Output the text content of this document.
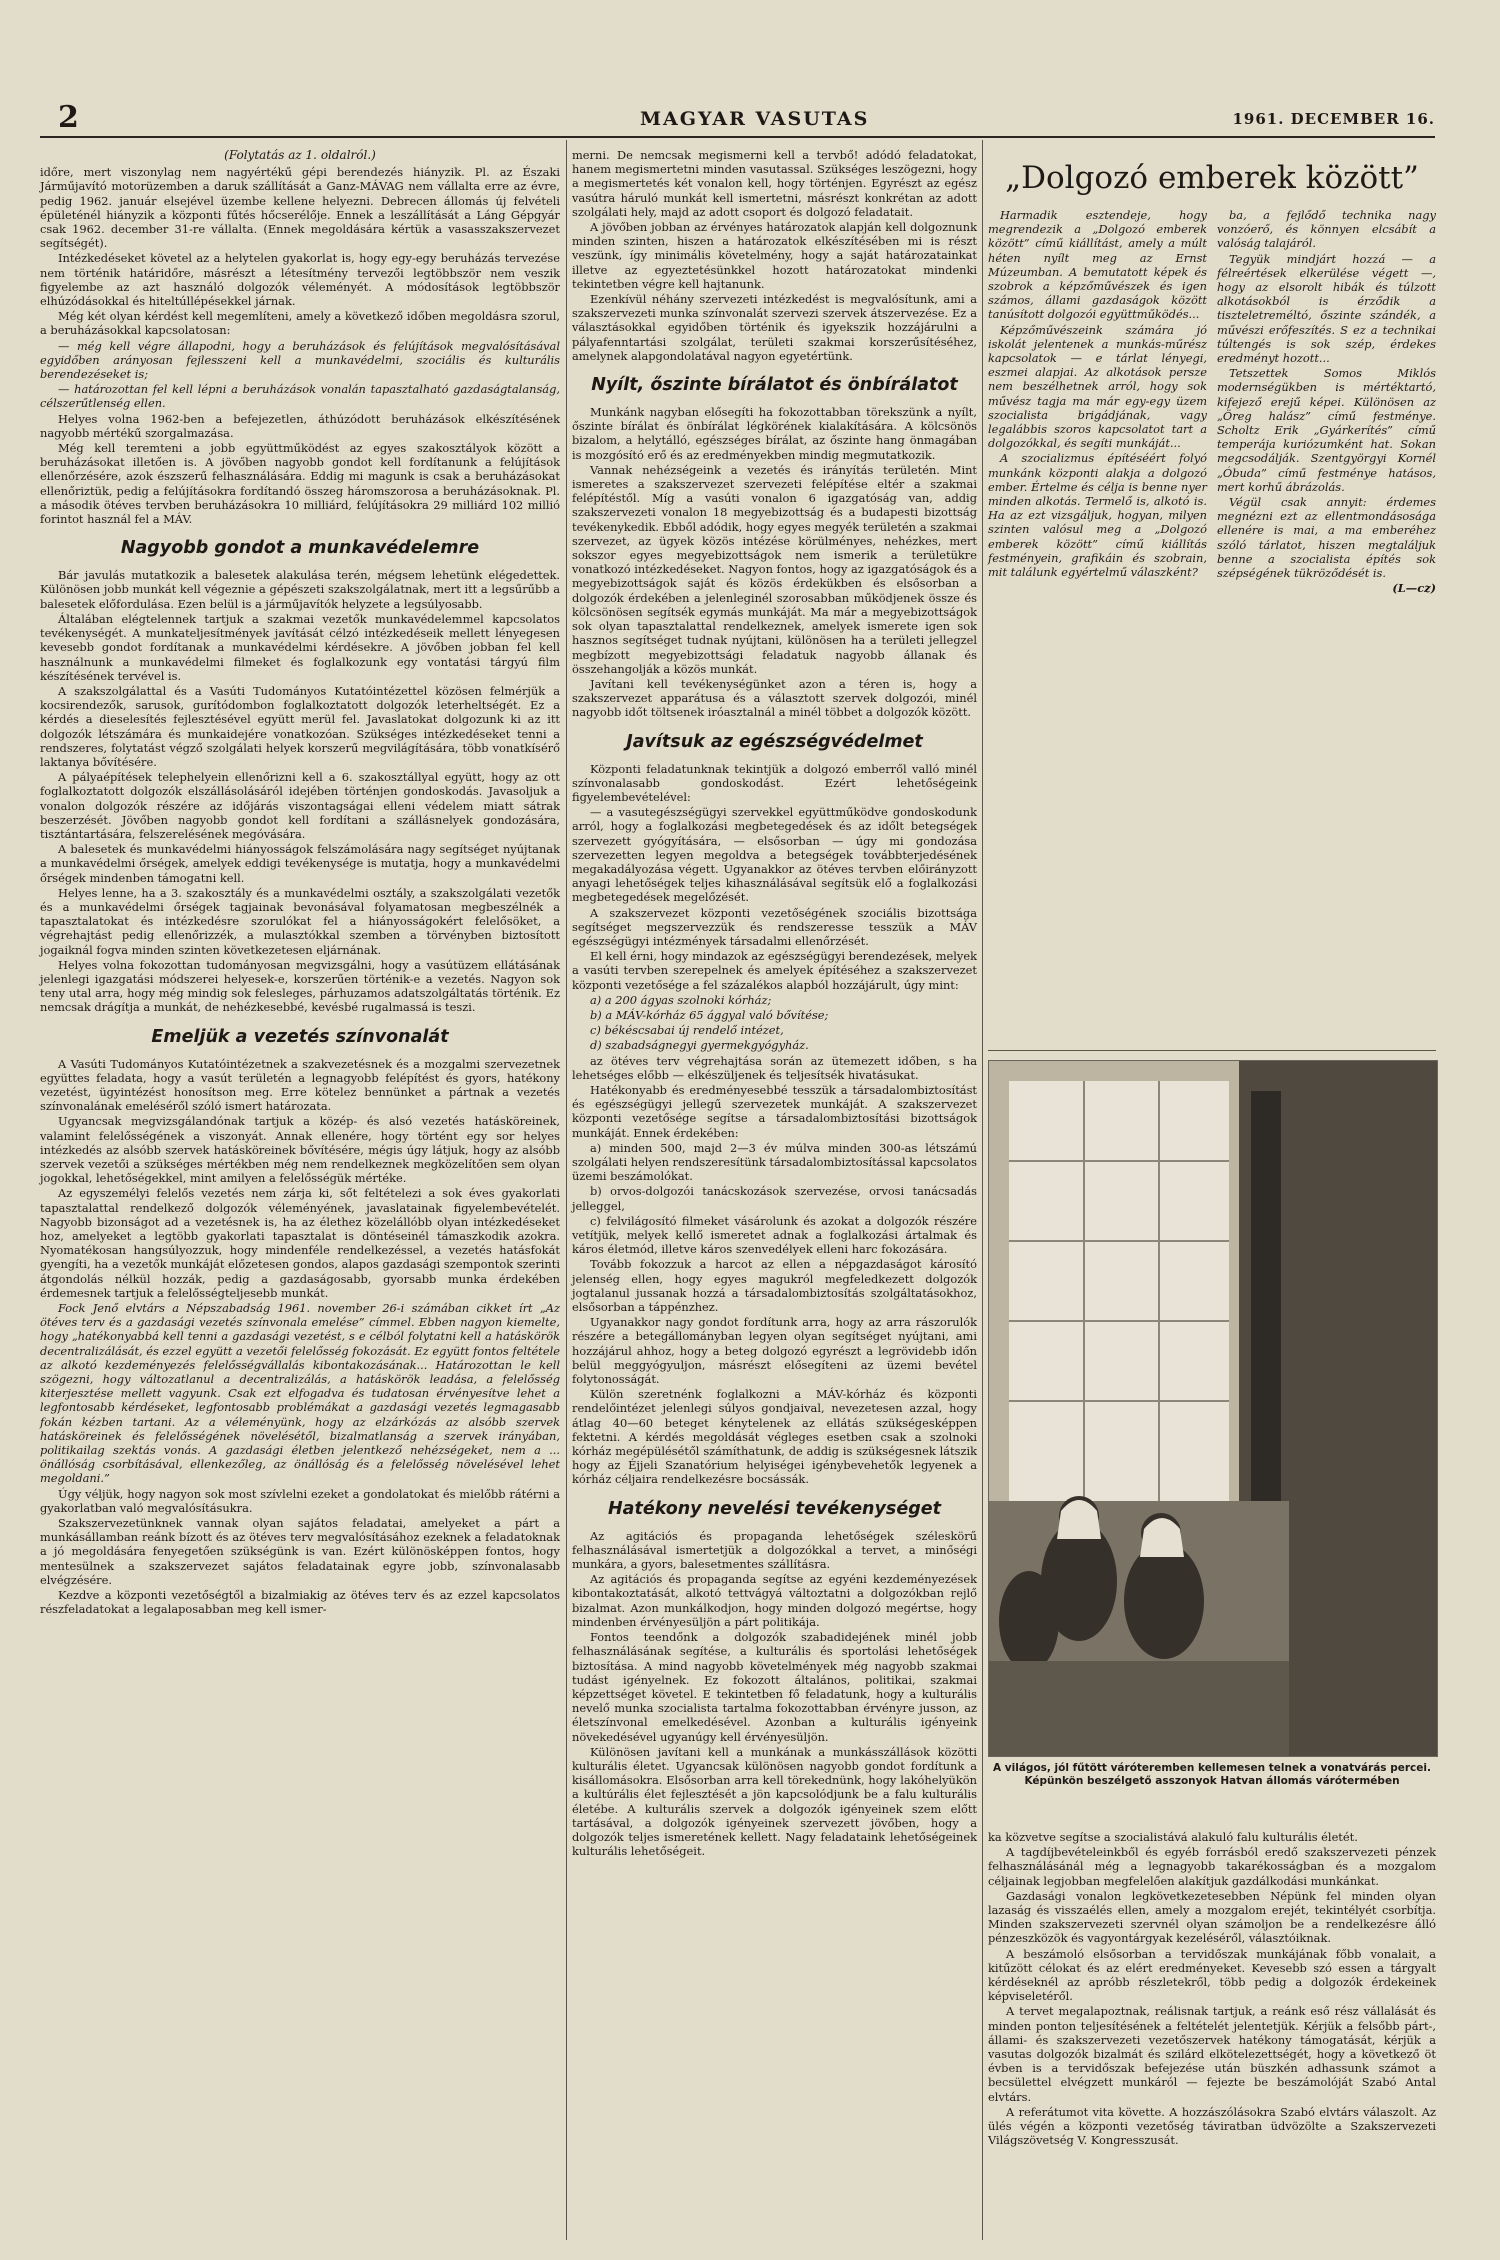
2	MAGYAR VASUTAS	1961. DECEMBER 16.
(Folytatás az 1. oldalról.)

időre, mert viszonylag nem nagyértékű gépi berendezés hiányzik. Pl. az Északi Járműjavító motorüzemben a daruk szállítását a Ganz-MÁVAG nem vállalta erre az évre, pedig 1962. január elsejével üzembe kellene helyezni. Debrecen állomás új felvételi épületénél hiányzik a központi fűtés hőcserélője. Ennek a leszállítását a Láng Gépgyár csak 1962. december 31-re vállalta. (Ennek megoldására kértük a vasasszakszervezet segítségét).

Intézkedéseket követel az a helytelen gyakorlat is, hogy egy-egy beruházás tervezése nem történik határidőre, másrészt a létesítmény tervezői legtöbbször nem veszik figyelembe az azt használó dolgozók véleményét. A módosítások legtöbbször elhúzódásokkal és hiteltúllépésekkel járnak.

Még két olyan kérdést kell megemlíteni, amely a következő időben megoldásra szorul, a beruházásokkal kapcsolatosan:

— még kell végre állapodni, hogy a beruházások és felújítások megvalósításával egyidőben arányosan fejlesszeni kell a munkavédelmi, szociális és kulturális berendezéseket is;

— határozottan fel kell lépni a beruházások vonalán tapasztalható gazdaságtalanság, célszerűtlenség ellen.

Helyes volna 1962-ben a befejezetlen, áthúzódott beruházások elkészítésének nagyobb mértékű szorgalmazása.

Még kell teremteni a jobb együttműködést az egyes szakosztályok között a beruházásokat illetően is. A jövőben nagyobb gondot kell fordítanunk a felújítások ellenőrzésére, azok észszerű felhasználására. Eddig mi magunk is csak a beruházásokat ellenőriztük, pedig a felújításokra fordítandó összeg háromszorosa a beruházásoknak. Pl. a második ötéves tervben beruházásokra 10 milliárd, felújításokra 29 milliárd 102 millió forintot használ fel a MÁV.

Nagyobb gondot a munkavédelemre

Bár javulás mutatkozik a balesetek alakulása terén, mégsem lehetünk elégedettek. Különösen jobb munkát kell végeznie a gépészeti szakszolgálatnak, mert itt a legsűrűbb a balesetek előfordulása. Ezen belül is a járműjavítók helyzete a legsúlyosabb.

Általában elégtelennek tartjuk a szakmai vezetők munkavédelemmel kapcsolatos tevékenységét. A munkateljesítmények javítását célzó intézkedéseik mellett lényegesen kevesebb gondot fordítanak a munkavédelmi kérdésekre. A jövőben jobban fel kell használnunk a munkavédelmi filmeket és foglalkozunk egy vontatási tárgyú film készítésének tervével is.

A szakszolgálattal és a Vasúti Tudományos Kutatóintézettel közösen felmérjük a kocsirendezők, sarusok, gurítódombon foglalkoztatott dolgozók leterheltségét. Ez a kérdés a dieselesítés fejlesztésével együtt merül fel. Javaslatokat dolgozunk ki az itt dolgozók létszámára és munkaidejére vonatkozóan. Szükséges intézkedéseket tenni a rendszeres, folytatást végző szolgálati helyek korszerű megvilágítására, több vonatkísérő laktanya bővítésére.

A pályaépítések telephelyein ellenőrizni kell a 6. szakosztállyal együtt, hogy az ott foglalkoztatott dolgozók elszállásolásáról idejében történjen gondoskodás. Javasoljuk a vonalon dolgozók részére az időjárás viszontagságai elleni védelem miatt sátrak beszerzését. Jövőben nagyobb gondot kell fordítani a szállásnelyek gondozására, tisztántartására, felszerelésének megóvására.

A balesetek és munkavédelmi hiányosságok felszámolására nagy segítséget nyújtanak a munkavédelmi őrségek, amelyek eddigi tevékenysége is mutatja, hogy a munkavédelmi őrségek mindenben támogatni kell.

Helyes lenne, ha a 3. szakosztály és a munkavédelmi osztály, a szakszolgálati vezetők és a munkavédelmi őrségek tagjainak bevonásával folyamatosan megbeszélnék a tapasztalatokat és intézkedésre szorulókat fel a hiányosságokért felelősöket, a végrehajtást pedig ellenőrizzék, a mulasztókkal szemben a törvényben biztosított jogaiknál fogva minden szinten következetesen eljárnának.

Helyes volna fokozottan tudományosan megvizsgálni, hogy a vasútüzem ellátásának jelenlegi igazgatási módszerei helyesek-e, korszerűen történik-e a vezetés. Nagyon sok teny utal arra, hogy még mindig sok felesleges, párhuzamos adatszolgáltatás történik. Ez nemcsak drágítja a munkát, de nehézkesebbé, kevésbé rugalmassá is teszi.

Emeljük a vezetés színvonalát

A Vasúti Tudományos Kutatóintézetnek a szakvezetésnek és a mozgalmi szervezetnek együttes feladata, hogy a vasút területén a legnagyobb felépítést és gyors, hatékony vezetést, ügyintézést honosítson meg. Erre kötelez bennünket a pártnak a vezetés színvonalának emeléséről szóló ismert határozata.

Ugyancsak megvizsgálandónak tartjuk a közép- és alsó vezetés hatásköreinek, valamint felelősségének a viszonyát. Annak ellenére, hogy történt egy sor helyes intézkedés az alsóbb szervek hatásköreinek bővítésére, mégis úgy látjuk, hogy az alsóbb szervek vezetői a szükséges mértékben még nem rendelkeznek megközelítően sem olyan jogokkal, lehetőségekkel, mint amilyen a felelősségük mértéke.

Az egyszemélyi felelős vezetés nem zárja ki, sőt feltételezi a sok éves gyakorlati tapasztalattal rendelkező dolgozók véleményének, javaslatainak figyelembevételét. Nagyobb bizonságot ad a vezetésnek is, ha az élethez közelállóbb olyan intézkedéseket hoz, amelyeket a legtöbb gyakorlati tapasztalat is döntéseinél támaszkodik azokra. Nyomatékosan hangsúlyozzuk, hogy mindenféle rendelkezéssel, a vezetés hatásfokát gyengíti, ha a vezetők munkáját előzetesen gondos, alapos gazdasági szempontok szerinti átgondolás nélkül hozzák, pedig a gazdaságosabb, gyorsabb munka érdekében érdemesnek tartjuk a felelősségteljesebb munkát.

Fock Jenő elvtárs a Népszabadság 1961. november 26-i számában cikket írt „Az ötéves terv és a gazdasági vezetés színvonala emelése” címmel. Ebben nagyon kiemelte, hogy „hatékonyabbá kell tenni a gazdasági vezetést, s e célból folytatni kell a hatáskörök decentralizálását, és ezzel együtt a vezetői felelősség fokozását. Ez együtt fontos feltétele az alkotó kezdeményezés felelősségvállalás kibontakozásának... Határozottan le kell szögezni, hogy változatlanul a decentralizálás, a hatáskörök leadása, a felelősség kiterjesztése mellett vagyunk. Csak ezt elfogadva és tudatosan érvényesítve lehet a legfontosabb kérdéseket, legfontosabb problémákat a gazdasági vezetés legmagasabb fokán kézben tartani. Az a véleményünk, hogy az elzárkózás az alsóbb szervek hatásköreinek és felelősségének növelésétől, bizalmatlanság a szervek irányában, politikailag szektás vonás. A gazdasági életben jelentkező nehézségeket, nem a ... önállóság csorbításával, ellenkezőleg, az önállóság és a felelősség növelésével lehet megoldani.”

Úgy véljük, hogy nagyon sok most szívlelni ezeket a gondolatokat és mielőbb rátérni a gyakorlatban való megvalósításukra.

Szakszervezetünknek vannak olyan sajátos feladatai, amelyeket a párt a munkásállamban reánk bízott és az ötéves terv megvalósításához ezeknek a feladatoknak a jó megoldására fenyegetően szükségünk is van. Ezért különösképpen fontos, hogy mentesülnek a szakszervezet sajátos feladatainak egyre jobb, színvonalasabb elvégzésére.

Kezdve a központi vezetőségtől a bizalmiakig az ötéves terv és az ezzel kapcsolatos részfeladatokat a legalaposabban meg kell ismer-

merni. De nemcsak megismerni kell a tervbő! adódó feladatokat, hanem megismertetni minden vasutassal. Szükséges leszögezni, hogy a megismertetés két vonalon kell, hogy történjen. Egyrészt az egész vasútra háruló munkát kell ismertetni, másrészt konkrétan az adott szolgálati hely, majd az adott csoport és dolgozó feladatait.

A jövőben jobban az érvényes határozatok alapján kell dolgoznunk minden szinten, hiszen a határozatok elkészítésében mi is részt veszünk, így minimális követelmény, hogy a saját határozatainkat illetve az egyeztetésünkkel hozott határozatokat mindenki tekintetben végre kell hajtanunk.

Ezenkívül néhány szervezeti intézkedést is megvalósítunk, ami a szakszervezeti munka színvonalát szervezi szervek átszervezése. Ez a választásokkal egyidőben történik és igyekszik hozzájárulni a pályafenntartási szolgálat, területi szakmai korszerűsítéséhez, amelynek alapgondolatával nagyon egyetértünk.

Nyílt, őszinte bírálatot és önbírálatot

Munkánk nagyban elősegíti ha fokozottabban törekszünk a nyílt, őszinte bírálat és önbírálat légkörének kialakítására. A kölcsönös bizalom, a helytálló, egészséges bírálat, az őszinte hang önmagában is mozgósító erő és az eredményekben mindig megmutatkozik.

Vannak nehézségeink a vezetés és irányítás területén. Mint ismeretes a szakszervezet szervezeti felépítése eltér a szakmai felépítéstől. Míg a vasúti vonalon 6 igazgatóság van, addig szakszervezeti vonalon 18 megyebizottság és a budapesti bizottság tevékenykedik. Ebből adódik, hogy egyes megyék területén a szakmai szervezet, az ügyek közös intézése körülményes, nehézkes, mert sokszor egyes megyebizottságok nem ismerik a területükre vonatkozó intézkedéseket. Nagyon fontos, hogy az igazgatóságok és a megyebizottságok saját és közös érdekükben és elsősorban a dolgozók érdekében a jelenleginél szorosabban működjenek össze és kölcsönösen segítsék egymás munkáját. Ma már a megyebizottságok sok olyan tapasztalattal rendelkeznek, amelyek ismerete igen sok hasznos segítséget tudnak nyújtani, különösen ha a területi jellegzel megbízott megyebizottsági feladatuk nagyobb állanak és összehangolják a közös munkát.

Javítani kell tevékenységünket azon a téren is, hogy a szakszervezet apparátusa és a választott szervek dolgozói, minél nagyobb időt töltsenek iróasztalnál a minél többet a dolgozók között.

Javítsuk az egészségvédelmet

Központi feladatunknak tekintjük a dolgozó emberről valló minél színvonalasabb gondoskodást. Ezért lehetőségeink figyelembevételével:

— a vasutegészségügyi szervekkel együttműködve gondoskodunk arról, hogy a foglalkozási megbetegedések és az időlt betegségek szervezett gyógyítására, — elsősorban — úgy mi gondozása szervezetten legyen megoldva a betegségek továbbterjedésének megakadályozása végett. Ugyanakkor az ötéves tervben előirányzott anyagi lehetőségek teljes kihasználásával segítsük elő a foglalkozási megbetegedések megelőzését.

A szakszervezet központi vezetőségének szociális bizottsága segítséget megszervezzük és rendszeresse tesszük a MÁV egészségügyi intézmények társadalmi ellenőrzését.

El kell érni, hogy mindazok az egészségügyi berendezések, melyek a vasúti tervben szerepelnek és amelyek építéséhez a szakszervezet központi vezetősége a fel százalékos alapból hozzájárult, úgy mint:

a) a 200 ágyas szolnoki kórház;

b) a MÁV-kórház 65 ággyal való bővítése;

c) békéscsabai új rendelő intézet,

d) szabadságnegyi gyermekgyógyház.

az ötéves terv végrehajtása során az ütemezett időben, s ha lehetséges előbb — elkészüljenek és teljesítsék hivatásukat.

Hatékonyabb és eredményesebbé tesszük a társadalombiztosítást és egészségügyi jellegű szervezetek munkáját. A szakszervezet központi vezetősége segítse a társadalombiztosítási bizottságok munkáját. Ennek érdekében:

a) minden 500, majd 2—3 év múlva minden 300-as létszámú szolgálati helyen rendszeresítünk társadalombiztosítással kapcsolatos üzemi beszámolókat.

b) orvos-dolgozói tanácskozások szervezése, orvosi tanácsadás jelleggel,

c) felvilágosító filmeket vásárolunk és azokat a dolgozók részére vetítjük, melyek kellő ismeretet adnak a foglalkozási ártalmak és káros életmód, illetve káros szenvedélyek elleni harc fokozására.

Tovább fokozzuk a harcot az ellen a népgazdaságot károsító jelenség ellen, hogy egyes magukról megfeledkezett dolgozók jogtalanul jussanak hozzá a társadalombiztosítás szolgáltatásokhoz, elsősorban a táppénzhez.

Ugyanakkor nagy gondot fordítunk arra, hogy az arra rászorulók részére a betegállományban legyen olyan segítséget nyújtani, ami hozzájárul ahhoz, hogy a beteg dolgozó egyrészt a legrövidebb időn belül meggyógyuljon, másrészt elősegíteni az üzemi bevétel folytonosságát.

Külön szeretnénk foglalkozni a MÁV-kórház és központi rendelőintézet jelenlegi súlyos gondjaival, nevezetesen azzal, hogy átlag 40—60 beteget kénytelenek az ellátás szükségesképpen fektetni. A kérdés megoldását végleges esetben csak a szolnoki kórház megépülésétől számíthatunk, de addig is szükségesnek látszik hogy az Éjjeli Szanatórium helyiségei igénybevehetők legyenek a kórház céljaira rendelkezésre bocsássák.

Hatékony nevelési tevékenységet

Az agitációs és propaganda lehetőségek széleskörű felhasználásával ismertetjük a dolgozókkal a tervet, a minőségi munkára, a gyors, balesetmentes szállításra.

Az agitációs és propaganda segítse az egyéni kezdeményezések kibontakoztatását, alkotó tettvágyá változtatni a dolgozókban rejlő bizalmat. Azon munkálkodjon, hogy minden dolgozó megértse, hogy mindenben érvényesüljön a párt politikája.

Fontos teendőnk a dolgozók szabadidejének minél jobb felhasználásának segítése, a kulturális és sportolási lehetőségek biztosítása. A mind nagyobb követelmények még nagyobb szakmai tudást igényelnek. Ez fokozott általános, politikai, szakmai képzettséget követel. E tekintetben fő feladatunk, hogy a kulturális nevelő munka szocialista tartalma fokozottabban érvényre jusson, az életszínvonal emelkedésével. Azonban a kulturális igényeink növekedésével ugyanúgy kell érvényesüljön.

Különösen javítani kell a munkának a munkásszállások közötti kulturális életet. Ugyancsak különösen nagyobb gondot fordítunk a kisállomásokra. Elsősorban arra kell törekednünk, hogy lakóhelyükön a kultúrális élet fejlesztését a jön kapcsolódjunk be a falu kulturális életébe. A kulturális szervek a dolgozók igényeinek szem előtt tartásával, a dolgozók igényeinek szervezett jövőben, hogy a dolgozók teljes ismeretének kellett. Nagy feladataink lehetőségeinek kulturális lehetőségeit.

„Dolgozó emberek között”

Harmadik esztendeje, hogy megrendezik a „Dolgozó emberek között” című kiállítást, amely a múlt héten nyílt meg az Ernst Múzeumban. A bemutatott képek és szobrok a képzőművészek és igen számos, állami gazdaságok között tanúsított dolgozói együttműködés...

Képzőművészeink számára jó iskolát jelentenek a munkás-műrész kapcsolatok — e tárlat lényegi, eszmei alapjai. Az alkotások persze nem beszélhetnek arról, hogy sok művész tagja ma már egy-egy üzem szocialista brigádjának, vagy legalábbis szoros kapcsolatot tart a dolgozókkal, és segíti munkáját...

A szocializmus építéséért folyó munkánk központi alakja a dolgozó ember. Értelme és célja is benne nyer minden alkotás. Termelő is, alkotó is. Ha az ezt vizsgáljuk, hogyan, milyen szinten valósul meg a „Dolgozó emberek között” című kiállítás festményein, grafikáin és szobrain, mit találunk egyértelmű válaszként?

ba, a fejlődő technika nagy vonzóerő, és könnyen elcsábít a valóság talajáról.

Tegyük mindjárt hozzá — a félreértések elkerülése végett —, hogy az elsorolt hibák és túlzott alkotásokból is érződik a tiszteletreméltó, őszinte szándék, a művészi erőfeszítés. S ez a technikai túltengés is sok szép, érdekes eredményt hozott...

Tetszettek Somos Miklós modernségükben is mértéktartó, kifejező erejű képei. Különösen az „Öreg halász” című festménye. Scholtz Erik „Gyárkerítés” című temperája kuriózumként hat. Sokan megcsodálják. Szentgyörgyi Kornél „Óbuda” című festménye hatásos, mert korhű ábrázolás.

Végül csak annyit: érdemes megnézni ezt az ellentmondásosága ellenére is mai, a ma emberéhez szóló tárlatot, hiszen megtaláljuk benne a szocialista építés sok szépségének tükröződését is.

(L—cz)
A világos, jól fűtött váróteremben kellemesen telnek a vonatvárás percei. Képünkön beszélgető asszonyok Hatvan állomás várótermében

ka közvetve segítse a szocialistává alakuló falu kulturális életét.

A tagdíjbevételeinkből és egyéb forrásból eredő szakszervezeti pénzek felhasználásánál még a legnagyobb takarékosságban és a mozgalom céljainak legjobban megfelelően alakítjuk gazdálkodási munkánkat.

Gazdasági vonalon legkövetkezetesebben Népünk fel minden olyan lazaság és visszaélés ellen, amely a mozgalom erejét, tekintélyét csorbítja. Minden szakszervezeti szervnél olyan számoljon be a rendelkezésre álló pénzeszközök és vagyontárgyak kezeléséről, választóiknak.

A beszámoló elsősorban a tervidőszak munkájának főbb vonalait, a kitűzött célokat és az elért eredményeket. Kevesebb szó essen a tárgyalt kérdéseknél az apróbb részletekről, több pedig a dolgozók érdekeinek képviseletéről.

A tervet megalapoztnak, reálisnak tartjuk, a reánk eső rész vállalását és minden ponton teljesítésének a feltételét jelentetjük. Kérjük a felsőbb párt-, állami- és szakszervezeti vezetőszervek hatékony támogatását, kérjük a vasutas dolgozók bizalmát és szilárd elkötelezettségét, hogy a következő öt évben is a tervidőszak befejezése után büszkén adhassunk számot a becsülettel elvégzett munkáról — fejezte be beszámolóját Szabó Antal elvtárs.

A referátumot vita követte. A hozzászólásokra Szabó elvtárs válaszolt. Az ülés végén a központi vezetőség táviratban üdvözölte a Szakszervezeti Világszövetség V. Kongresszusát.
